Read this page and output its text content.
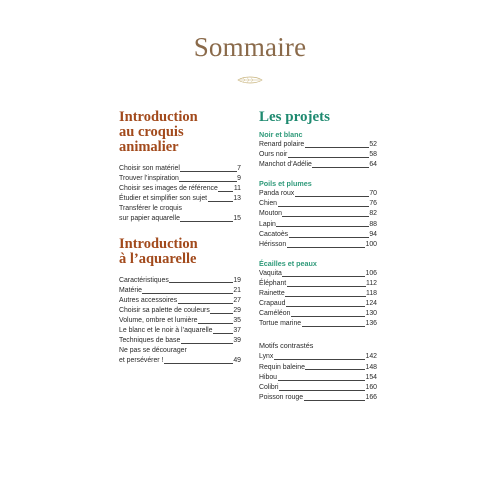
Sommaire
Introduction
au croquis animalier
Choisir son matériel	7
Trouver l’inspiration	9
Choisir ses images de référence 11
Étudier et simplifier son sujet	13
Transférer le croquis
sur papier aquarelle	15
Introduction
à l’aquarelle
Caractéristiques	19
Matérie	21
Autres accessoires	27
Choisir sa palette de couleurs	29
Volume, ombre et lumière	35
Le blanc et le noir à l’aquarelle	37
Techniques de base	39
Ne pas se décourager
et persévérer !	49
Les projets
Noir et blanc
Renard polaire	52
Ours noir	58
Manchot d’Adélie	64
Poils et plumes
Panda roux	70
Chien	76
Mouton	82
Lapin	88
Cacatoès	94
Hérisson	100
Écailles et peaux
Vaquita	106
Éléphant	112
Rainette	118
Crapaud	124
Caméléon	130
Tortue marine	136
Motifs contrastés
Lynx	142
Requin baleine	148
Hibou	154
Colibri	160
Poisson rouge	166
